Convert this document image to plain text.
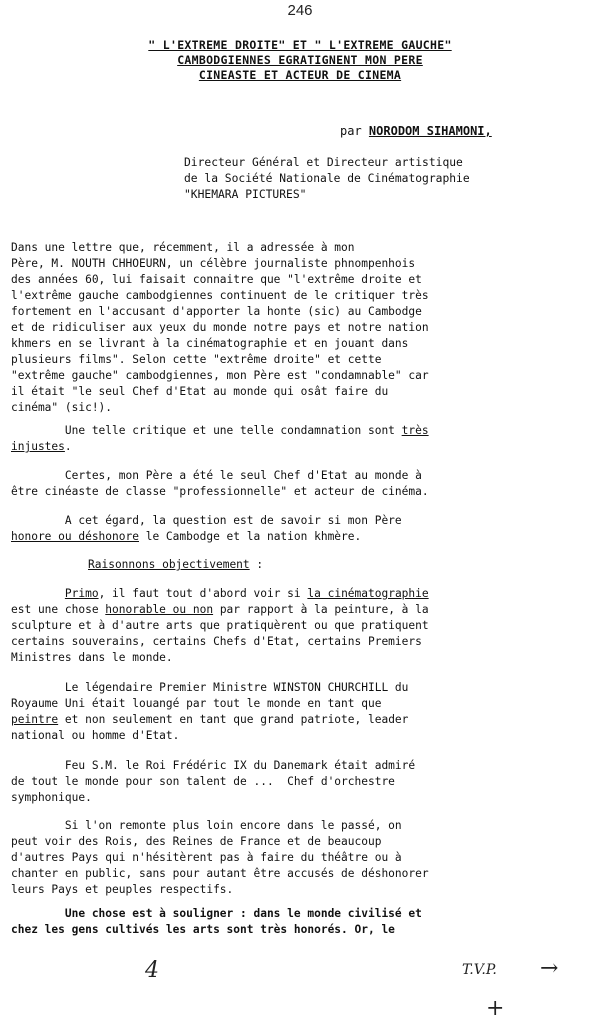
246
" L'EXTREME DROITE" ET " L'EXTREME GAUCHE"
CAMBODGIENNES EGRATIGNENT MON PERE
CINEASTE ET ACTEUR DE CINEMA
par NORODOM SIHAMONI,
Directeur Général et Directeur artistique
de la Société Nationale de Cinématographie
"KHEMARA PICTURES"
Dans une lettre que, récemment, il a adressée à mon
Père, M. NOUTH CHHOEURN, un célèbre journaliste phnompenhois
des années 60, lui faisait connaitre que "l'extrême droite et
l'extrême gauche cambodgiennes continuent de le critiquer très
fortement en l'accusant d'apporter la honte (sic) au Cambodge
et de ridiculiser aux yeux du monde notre pays et notre nation
khmers en se livrant à la cinématographie et en jouant dans
plusieurs films". Selon cette "extrême droite" et cette
"extrême gauche" cambodgiennes, mon Père est "condamnable" car
il était "le seul Chef d'Etat au monde qui osât faire du
cinéma" (sic!).
Une telle critique et une telle condamnation sont très
injustes.
Certes, mon Père a été le seul Chef d'Etat au monde à
être cinéaste de classe "professionnelle" et acteur de cinéma.
A cet égard, la question est de savoir si mon Père
honore ou déshonore le Cambodge et la nation khmère.
Raisonnons objectivement :
Primo, il faut tout d'abord voir si la cinématographie
est une chose honorable ou non par rapport à la peinture, à la
sculpture et à d'autre arts que pratiquèrent ou que pratiquent
certains souverains, certains Chefs d'Etat, certains Premiers
Ministres dans le monde.
Le légendaire Premier Ministre WINSTON CHURCHILL du
Royaume Uni était louangé par tout le monde en tant que
peintre et non seulement en tant que grand patriote, leader
national ou homme d'Etat.
Feu S.M. le Roi Frédéric IX du Danemark était admiré
de tout le monde pour son talent de ...  Chef d'orchestre
symphonique.
Si l'on remonte plus loin encore dans le passé, on
peut voir des Rois, des Reines de France et de beaucoup
d'autres Pays qui n'hésitèrent pas à faire du théâtre ou à
chanter en public, sans pour autant être accusés de déshonorer
leurs Pays et peuples respectifs.
Une chose est à souligner : dans le monde civilisé et
chez les gens cultivés les arts sont très honorés. Or, le
4	T.V.P. →
+
